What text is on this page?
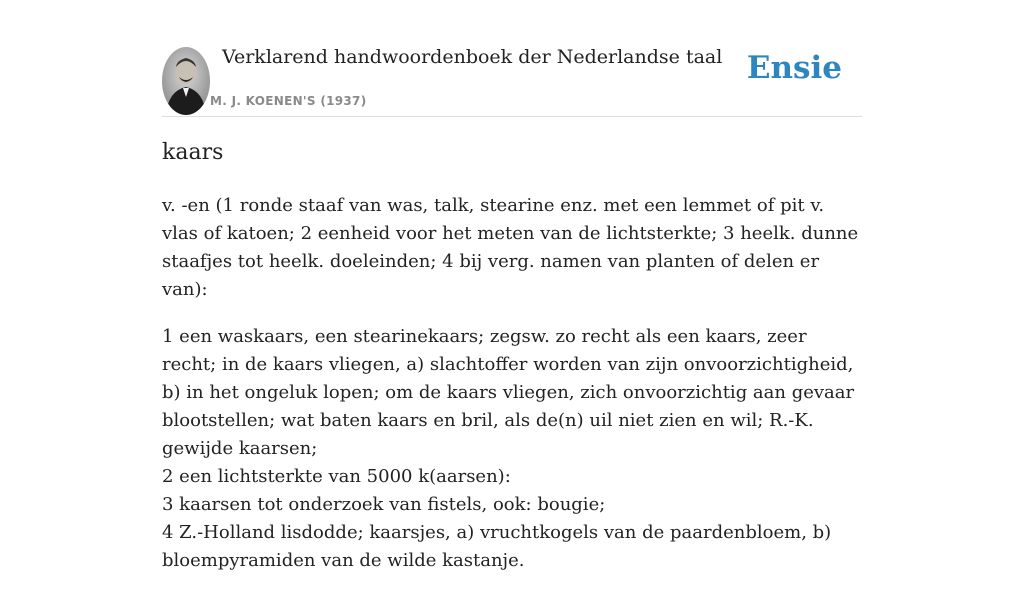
Verklarend handwoordenboek der Nederlandse taal
M. J. KOENEN'S (1937)
Ensie
kaars

v. -en (1 ronde staaf van was, talk, stearine enz. met een lemmet of pit v. vlas of katoen; 2 eenheid voor het meten van de lichtsterkte; 3 heelk. dunne staafjes tot heelk. doeleinden; 4 bij verg. namen van planten of delen er van):

1 een waskaars, een stearinekaars; zegsw. zo recht als een kaars, zeer recht; in de kaars vliegen, a) slachtoffer worden van zijn onvoorzichtigheid, b) in het ongeluk lopen; om de kaars vliegen, zich onvoorzichtig aan gevaar blootstellen; wat baten kaars en bril, als de(n) uil niet zien en wil; R.-K. gewijde kaarsen;
2 een lichtsterkte van 5000 k(aarsen):
3 kaarsen tot onderzoek van fistels, ook: bougie;
4 Z.-Holland lisdodde; kaarsjes, a) vruchtkogels van de paardenbloem, b) bloempyramiden van de wilde kastanje.
